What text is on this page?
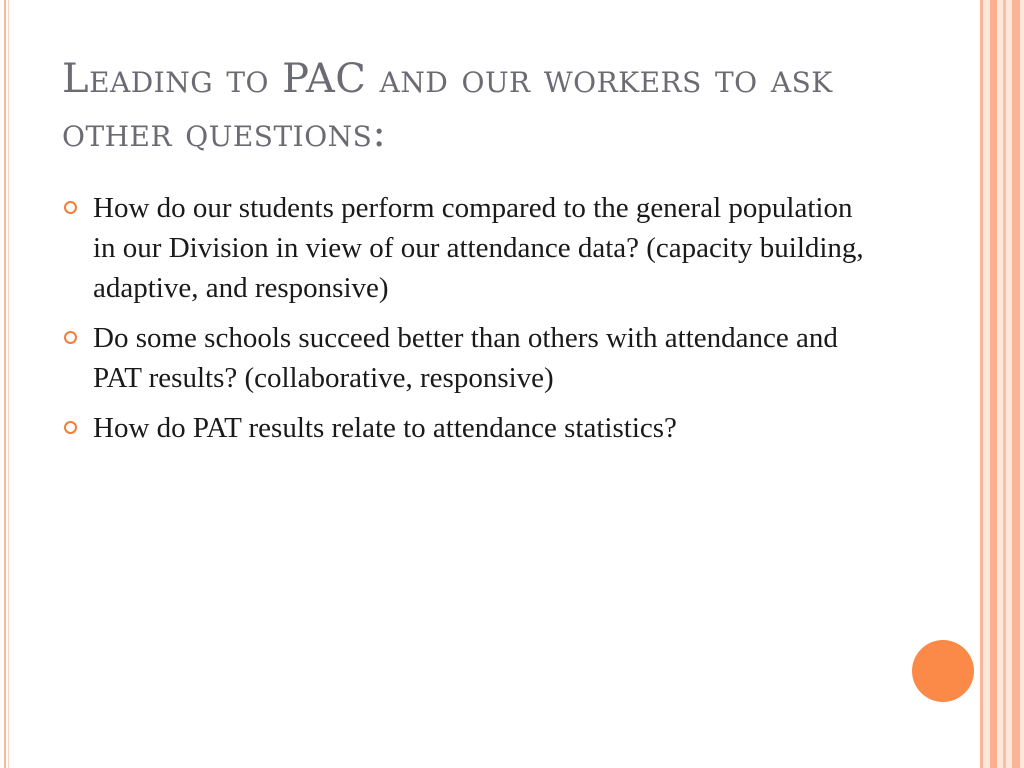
Leading to PAC and our workers to ask other questions:
How do our students perform compared to the general population in our Division in view of our attendance data? (capacity building, adaptive, and responsive)
Do some schools succeed better than others with attendance and PAT results? (collaborative, responsive)
How do PAT results relate to attendance statistics?
